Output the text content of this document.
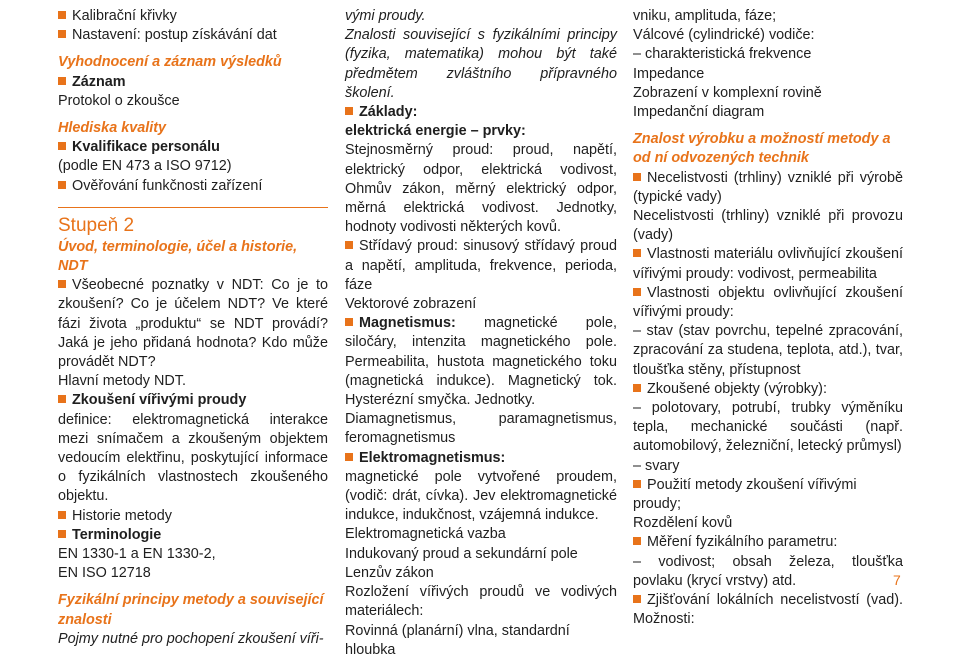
Kalibrační křivky

Nastavení: postup získávání dat

Vyhodnocení a záznam výsledků

Záznam

Protokol o zkoušce

Hlediska kvality

Kvalifikace personálu

(podle EN 473 a ISO 9712)

Ověřování funkčnosti zařízení

Stupeň 2

Úvod, terminologie, účel a historie, NDT

Všeobecné poznatky v NDT: Co je to zkoušení? Co je účelem NDT? Ve které fázi života „produktu“ se NDT provádí? Jaká je jeho přidaná hodnota? Kdo může provádět NDT?

Hlavní metody NDT.

Zkoušení vířivými proudy

definice: elektromagnetická interakce mezi snímačem a zkoušeným objektem vedoucím elektřinu, poskytující informace o fyzikálních vlastnostech zkoušeného objektu.

Historie metody

Terminologie

EN 1330-1 a EN 1330-2,

EN ISO 12718

Fyzikální principy metody a související znalosti

Pojmy nutné pro pochopení zkoušení víři-

vými proudy.

Znalosti související s fyzikálními principy (fyzika, matematika) mohou být také předmětem zvláštního přípravného školení.

Základy:

elektrická energie – prvky:

Stejnosměrný proud: proud, napětí, elektrický odpor, elektrická vodivost, Ohmův zákon, měrný elektrický odpor, měrná elektrická vodivost. Jednotky, hodnoty vodivosti některých kovů.

Střídavý proud: sinusový střídavý proud a napětí, amplituda, frekvence, perioda, fáze

Vektorové zobrazení

Magnetismus: magnetické pole, siločáry, intenzita magnetického pole. Permeabilita, hustota magnetického toku (magnetická indukce). Magnetický tok. Hysterézní smyčka. Jednotky.

Diamagnetismus, paramagnetismus, feromagnetismus

Elektromagnetismus:

magnetické pole vytvořené proudem, (vodič: drát, cívka). Jev elektromagnetické indukce, indukčnost, vzájemná indukce.

Elektromagnetická vazba

Indukovaný proud a sekundární pole

Lenzův zákon

Rozložení vířivých proudů ve vodivých materiálech:

Rovinná (planární) vlna, standardní hloubka

vniku, amplituda, fáze;

Válcové (cylindrické) vodiče:

– charakteristická frekvence

Impedance

Zobrazení v komplexní rovině

Impedanční diagram

Znalost výrobku a možností metody a od ní odvozených technik

Necelistvosti (trhliny) vzniklé při výrobě (typické vady)

Necelistvosti (trhliny) vzniklé při provozu (vady)

Vlastnosti materiálu ovlivňující zkoušení vířivými proudy: vodivost, permeabilita

Vlastnosti objektu ovlivňující zkoušení vířivými proudy:

– stav (stav povrchu, tepelné zpracování, zpracování za studena, teplota, atd.), tvar, tloušťka stěny, přístupnost

Zkoušené objekty (výrobky):

– polotovary, potrubí, trubky výměníku tepla, mechanické součásti (např. automobilový, železniční, letecký průmysl)

– svary

Použití metody zkoušení vířivými proudy;

Rozdělení kovů

Měření fyzikálního parametru:

– vodivost; obsah železa, tloušťka povlaku (krycí vrstvy) atd.

Zjišťování lokálních necelistvostí (vad). Možnosti:

7
